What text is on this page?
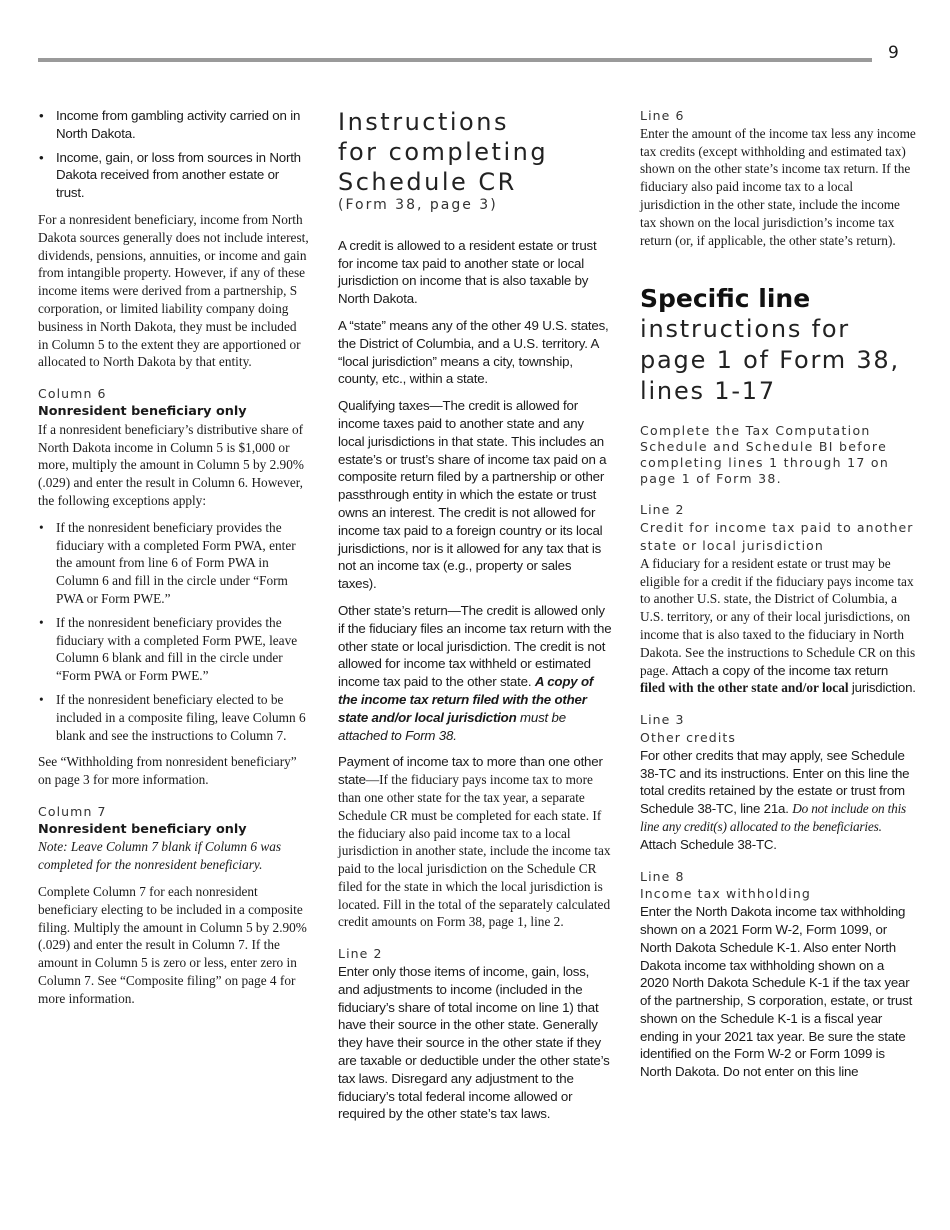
9
• Income from gambling activity carried on in North Dakota.
• Income, gain, or loss from sources in North Dakota received from another estate or trust.

For a nonresident beneficiary, income from North Dakota sources generally does not include interest, dividends, pensions, annuities, or income and gain from intangible property. However, if any of these income items were derived from a partnership, S corporation, or limited liability company doing business in North Dakota, they must be included in Column 5 to the extent they are apportioned or allocated to North Dakota by that entity.

Column 6
Nonresident beneficiary only

If a nonresident beneficiary’s distributive share of North Dakota income in Column 5 is $1,000 or more, multiply the amount in Column 5 by 2.90% (.029) and enter the result in Column 6. However, the following exceptions apply:

• If the nonresident beneficiary provides the fiduciary with a completed Form PWA, enter the amount from line 6 of Form PWA in Column 6 and fill in the circle under “Form PWA or Form PWE.”
• If the nonresident beneficiary provides the fiduciary with a completed Form PWE, leave Column 6 blank and fill in the circle under “Form PWA or Form PWE.”
• If the nonresident beneficiary elected to be included in a composite filing, leave Column 6 blank and see the instructions to Column 7.

See “Withholding from nonresident beneficiary” on page 3 for more information.

Column 7
Nonresident beneficiary only

Note: Leave Column 7 blank if Column 6 was completed for the nonresident beneficiary.

Complete Column 7 for each nonresident beneficiary electing to be included in a composite filing. Multiply the amount in Column 5 by 2.90% (.029) and enter the result in Column 7. If the amount in Column 5 is zero or less, enter zero in Column 7. See “Composite filing” on page 4 for more information.

Instructions
for completing
Schedule CR
(Form 38, page 3)

A credit is allowed to a resident estate or trust for income tax paid to another state or local jurisdiction on income that is also taxable by North Dakota.

A “state” means any of the other 49 U.S. states, the District of Columbia, and a U.S. territory. A “local jurisdiction” means a city, township, county, etc., within a state.

Qualifying taxes—The credit is allowed for income taxes paid to another state and any local jurisdictions in that state. This includes an estate’s or trust’s share of income tax paid on a composite return filed by a partnership or other passthrough entity in which the estate or trust owns an interest. The credit is not allowed for income tax paid to a foreign country or its local jurisdictions, nor is it allowed for any tax that is not an income tax (e.g., property or sales taxes).

Other state’s return—The credit is allowed only if the fiduciary files an income tax return with the other state or local jurisdiction. The credit is not allowed for income tax withheld or estimated income tax paid to the other state. A copy of the income tax return filed with the other state and/or local jurisdiction must be attached to Form 38.

Payment of income tax to more than one other state—If the fiduciary pays income tax to more than one other state for the tax year, a separate Schedule CR must be completed for each state. If the fiduciary also paid income tax to a local jurisdiction in another state, include the income tax paid to the local jurisdiction on the Schedule CR filed for the state in which the local jurisdiction is located. Fill in the total of the separately calculated credit amounts on Form 38, page 1, line 2.

Line 2

Enter only those items of income, gain, loss, and adjustments to income (included in the fiduciary’s share of total income on line 1) that have their source in the other state. Generally they have their source in the other state if they are taxable or deductible under the other state’s tax laws. Disregard any adjustment to the fiduciary’s total federal income allowed or required by the other state’s tax laws.

Line 6

Enter the amount of the income tax less any income tax credits (except withholding and estimated tax) shown on the other state’s income tax return. If the fiduciary also paid income tax to a local jurisdiction in the other state, include the income tax shown on the local jurisdiction’s income tax return (or, if applicable, the other state’s return).

Specific line
instructions for
page 1 of Form 38,
lines 1-17
Complete the Tax Computation Schedule and Schedule BI before completing lines 1 through 17 on page 1 of Form 38.
Line 2
Credit for income tax paid to another state or local jurisdiction

A fiduciary for a resident estate or trust may be eligible for a credit if the fiduciary pays income tax to another U.S. state, the District of Columbia, a U.S. territory, or any of their local jurisdictions, on income that is also taxed to the fiduciary in North Dakota. See the instructions to Schedule CR on this page. Attach a copy of the income tax return filed with the other state and/or local jurisdiction.

Line 3
Other credits

For other credits that may apply, see Schedule 38-TC and its instructions. Enter on this line the total credits retained by the estate or trust from Schedule 38-TC, line 21a. Do not include on this line any credit(s) allocated to the beneficiaries. Attach Schedule 38-TC.

Line 8
Income tax withholding

Enter the North Dakota income tax withholding shown on a 2021 Form W-2, Form 1099, or North Dakota Schedule K-1. Also enter North Dakota income tax withholding shown on a 2020 North Dakota Schedule K-1 if the tax year of the partnership, S corporation, estate, or trust shown on the Schedule K-1 is a fiscal year ending in your 2021 tax year. Be sure the state identified on the Form W-2 or Form 1099 is North Dakota. Do not enter on this line
